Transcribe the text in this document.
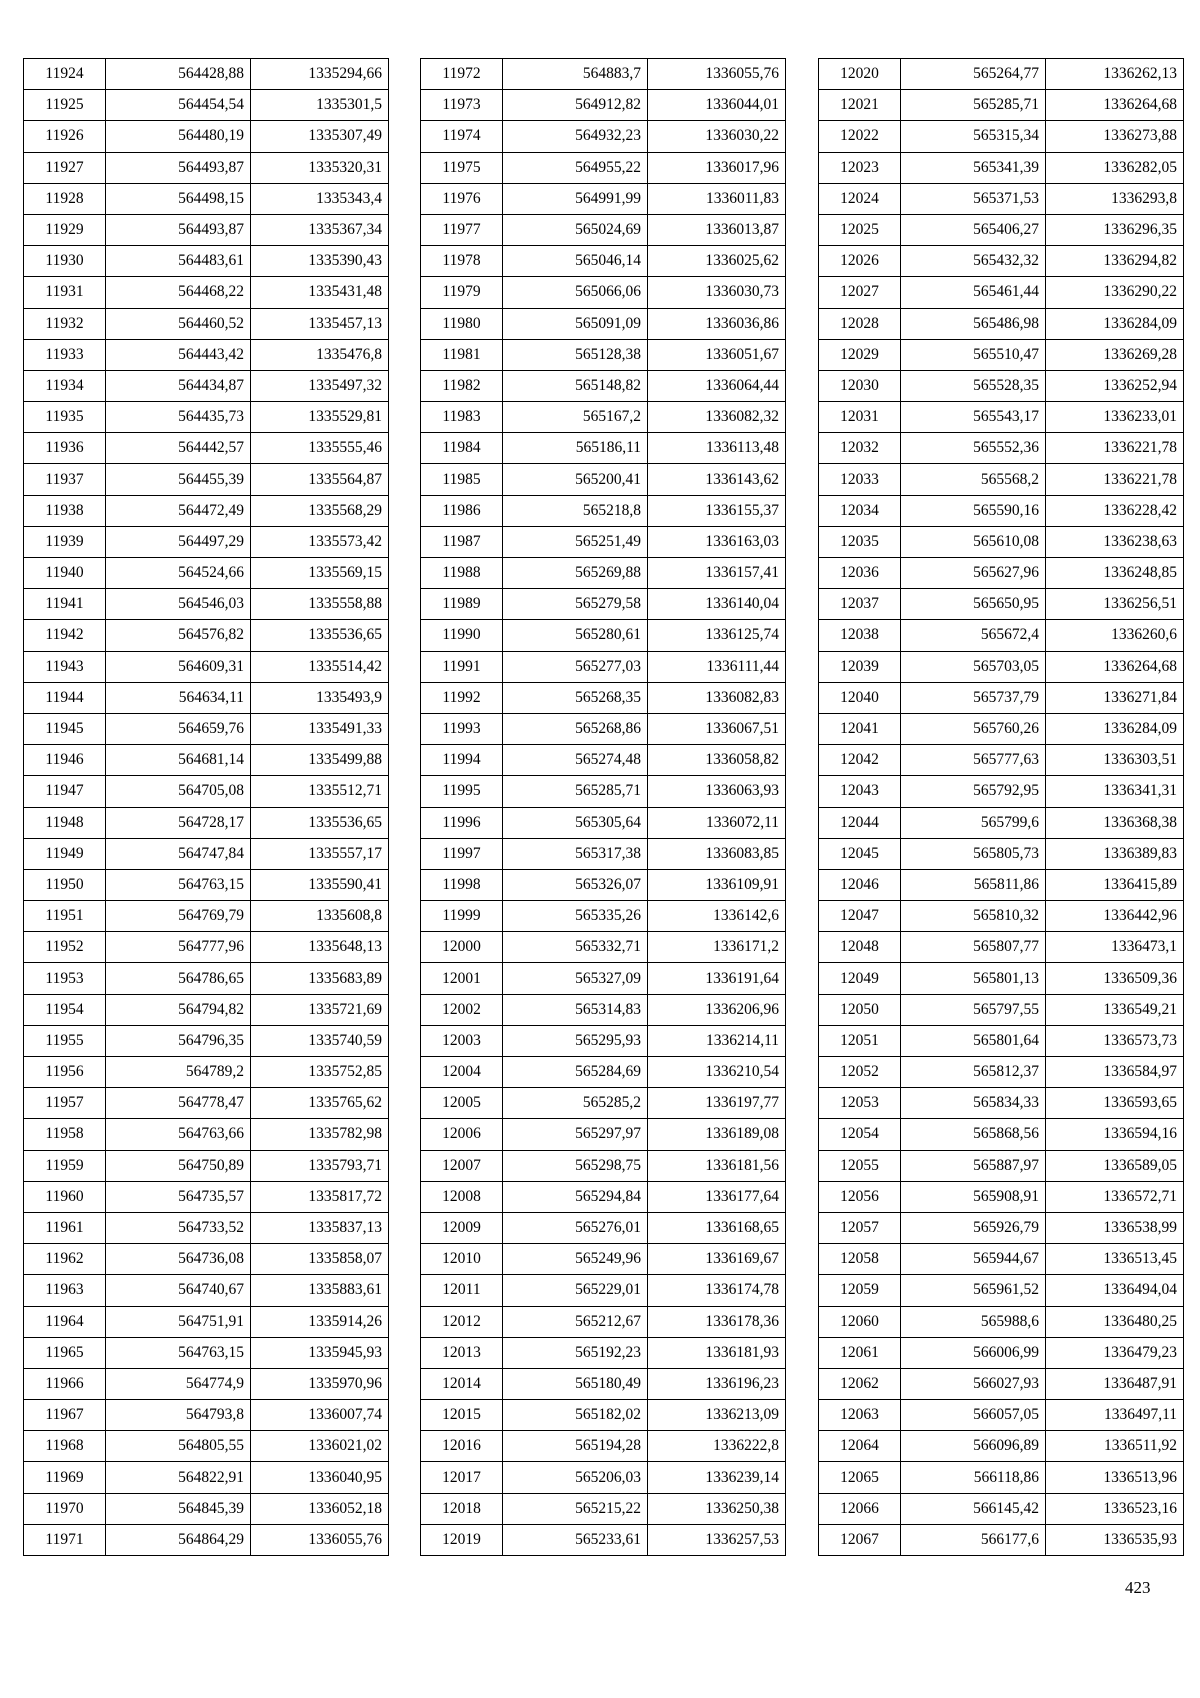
11924	564428,88	1335294,66
11925	564454,54	1335301,5
11926	564480,19	1335307,49
11927	564493,87	1335320,31
11928	564498,15	1335343,4
11929	564493,87	1335367,34
11930	564483,61	1335390,43
11931	564468,22	1335431,48
11932	564460,52	1335457,13
11933	564443,42	1335476,8
11934	564434,87	1335497,32
11935	564435,73	1335529,81
11936	564442,57	1335555,46
11937	564455,39	1335564,87
11938	564472,49	1335568,29
11939	564497,29	1335573,42
11940	564524,66	1335569,15
11941	564546,03	1335558,88
11942	564576,82	1335536,65
11943	564609,31	1335514,42
11944	564634,11	1335493,9
11945	564659,76	1335491,33
11946	564681,14	1335499,88
11947	564705,08	1335512,71
11948	564728,17	1335536,65
11949	564747,84	1335557,17
11950	564763,15	1335590,41
11951	564769,79	1335608,8
11952	564777,96	1335648,13
11953	564786,65	1335683,89
11954	564794,82	1335721,69
11955	564796,35	1335740,59
11956	564789,2	1335752,85
11957	564778,47	1335765,62
11958	564763,66	1335782,98
11959	564750,89	1335793,71
11960	564735,57	1335817,72
11961	564733,52	1335837,13
11962	564736,08	1335858,07
11963	564740,67	1335883,61
11964	564751,91	1335914,26
11965	564763,15	1335945,93
11966	564774,9	1335970,96
11967	564793,8	1336007,74
11968	564805,55	1336021,02
11969	564822,91	1336040,95
11970	564845,39	1336052,18
11971	564864,29	1336055,76
11972	564883,7	1336055,76
11973	564912,82	1336044,01
11974	564932,23	1336030,22
11975	564955,22	1336017,96
11976	564991,99	1336011,83
11977	565024,69	1336013,87
11978	565046,14	1336025,62
11979	565066,06	1336030,73
11980	565091,09	1336036,86
11981	565128,38	1336051,67
11982	565148,82	1336064,44
11983	565167,2	1336082,32
11984	565186,11	1336113,48
11985	565200,41	1336143,62
11986	565218,8	1336155,37
11987	565251,49	1336163,03
11988	565269,88	1336157,41
11989	565279,58	1336140,04
11990	565280,61	1336125,74
11991	565277,03	1336111,44
11992	565268,35	1336082,83
11993	565268,86	1336067,51
11994	565274,48	1336058,82
11995	565285,71	1336063,93
11996	565305,64	1336072,11
11997	565317,38	1336083,85
11998	565326,07	1336109,91
11999	565335,26	1336142,6
12000	565332,71	1336171,2
12001	565327,09	1336191,64
12002	565314,83	1336206,96
12003	565295,93	1336214,11
12004	565284,69	1336210,54
12005	565285,2	1336197,77
12006	565297,97	1336189,08
12007	565298,75	1336181,56
12008	565294,84	1336177,64
12009	565276,01	1336168,65
12010	565249,96	1336169,67
12011	565229,01	1336174,78
12012	565212,67	1336178,36
12013	565192,23	1336181,93
12014	565180,49	1336196,23
12015	565182,02	1336213,09
12016	565194,28	1336222,8
12017	565206,03	1336239,14
12018	565215,22	1336250,38
12019	565233,61	1336257,53
12020	565264,77	1336262,13
12021	565285,71	1336264,68
12022	565315,34	1336273,88
12023	565341,39	1336282,05
12024	565371,53	1336293,8
12025	565406,27	1336296,35
12026	565432,32	1336294,82
12027	565461,44	1336290,22
12028	565486,98	1336284,09
12029	565510,47	1336269,28
12030	565528,35	1336252,94
12031	565543,17	1336233,01
12032	565552,36	1336221,78
12033	565568,2	1336221,78
12034	565590,16	1336228,42
12035	565610,08	1336238,63
12036	565627,96	1336248,85
12037	565650,95	1336256,51
12038	565672,4	1336260,6
12039	565703,05	1336264,68
12040	565737,79	1336271,84
12041	565760,26	1336284,09
12042	565777,63	1336303,51
12043	565792,95	1336341,31
12044	565799,6	1336368,38
12045	565805,73	1336389,83
12046	565811,86	1336415,89
12047	565810,32	1336442,96
12048	565807,77	1336473,1
12049	565801,13	1336509,36
12050	565797,55	1336549,21
12051	565801,64	1336573,73
12052	565812,37	1336584,97
12053	565834,33	1336593,65
12054	565868,56	1336594,16
12055	565887,97	1336589,05
12056	565908,91	1336572,71
12057	565926,79	1336538,99
12058	565944,67	1336513,45
12059	565961,52	1336494,04
12060	565988,6	1336480,25
12061	566006,99	1336479,23
12062	566027,93	1336487,91
12063	566057,05	1336497,11
12064	566096,89	1336511,92
12065	566118,86	1336513,96
12066	566145,42	1336523,16
12067	566177,6	1336535,93
423
